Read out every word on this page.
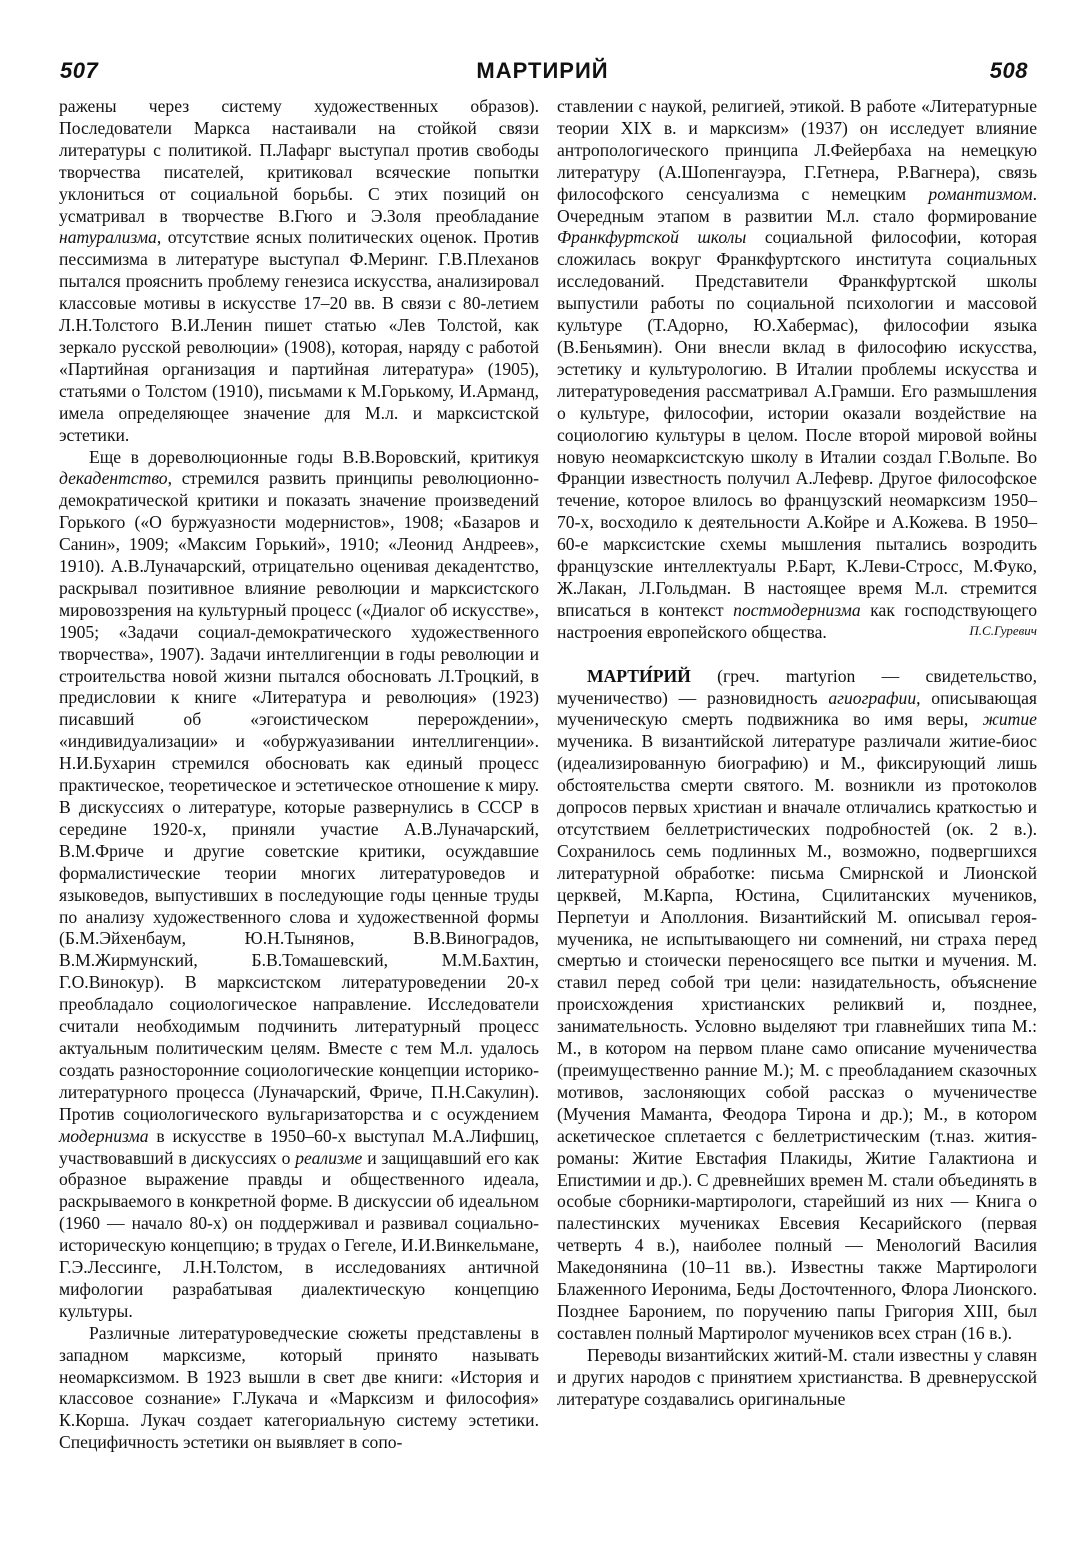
507	МАРТИРИЙ	508

ражены через систему художественных образов). Последователи Маркса настаивали на стойкой связи литературы с политикой. П.Лафарг выступал против свободы творчества писателей, критиковал всяческие попытки уклониться от социальной борьбы. С этих позиций он усматривал в творчестве В.Гюго и Э.Золя преобладание натурализма, отсутствие ясных политических оценок. Против пессимизма в литературе выступал Ф.Меринг. Г.В.Плеханов пытался прояснить проблему генезиса искусства, анализировал классовые мотивы в искусстве 17–20 вв. В связи с 80-летием Л.Н.Толстого В.И.Ленин пишет статью «Лев Толстой, как зеркало русской революции» (1908), которая, наряду с работой «Партийная организация и партийная литература» (1905), статьями о Толстом (1910), письмами к М.Горькому, И.Арманд, имела определяющее значение для М.л. и марксистской эстетики.

Еще в дореволюционные годы В.В.Воровский, критикуя декадентство, стремился развить принципы революционно-демократической критики и показать значение произведений Горького («О буржуазности модернистов», 1908; «Базаров и Санин», 1909; «Максим Горький», 1910; «Леонид Андреев», 1910). А.В.Луначарский, отрицательно оценивая декадентство, раскрывал позитивное влияние революции и марксистского мировоззрения на культурный процесс («Диалог об искусстве», 1905; «Задачи социал-демократического художественного творчества», 1907). Задачи интеллигенции в годы революции и строительства новой жизни пытался обосновать Л.Троцкий, в предисловии к книге «Литература и революция» (1923) писавший об «эгоистическом перерождении», «индивидуализации» и «обуржуазивании интеллигенции». Н.И.Бухарин стремился обосновать как единый процесс практическое, теоретическое и эстетическое отношение к миру. В дискуссиях о литературе, которые развернулись в СССР в середине 1920-х, приняли участие А.В.Луначарский, В.М.Фриче и другие советские критики, осуждавшие формалистические теории многих литературоведов и языковедов, выпустивших в последующие годы ценные труды по анализу художественного слова и художественной формы (Б.М.Эйхенбаум, Ю.Н.Тынянов, В.В.Виноградов, В.М.Жирмунский, Б.В.Томашевский, М.М.Бахтин, Г.О.Винокур). В марксистском литературоведении 20-х преобладало социологическое направление. Исследователи считали необходимым подчинить литературный процесс актуальным политическим целям. Вместе с тем М.л. удалось создать разносторонние социологические концепции историко-литературного процесса (Луначарский, Фриче, П.Н.Сакулин). Против социологического вульгаризаторства и с осуждением модернизма в искусстве в 1950–60-х выступал М.А.Лифшиц, участвовавший в дискуссиях о реализме и защищавший его как образное выражение правды и общественного идеала, раскрываемого в конкретной форме. В дискуссии об идеальном (1960 — начало 80-х) он поддерживал и развивал социально-историческую концепцию; в трудах о Гегеле, И.И.Винкельмане, Г.Э.Лессинге, Л.Н.Толстом, в исследованиях античной мифологии разрабатывая диалектическую концепцию культуры.

Различные литературоведческие сюжеты представлены в западном марксизме, который принято называть неомарксизмом. В 1923 вышли в свет две книги: «История и классовое сознание» Г.Лукача и «Марксизм и философия» К.Корша. Лукач создает категориальную систему эстетики. Специфичность эстетики он выявляет в сопо-

ставлении с наукой, религией, этикой. В работе «Литературные теории XIX в. и марксизм» (1937) он исследует влияние антропологического принципа Л.Фейербаха на немецкую литературу (А.Шопенгауэра, Г.Гетнера, Р.Вагнера), связь философского сенсуализма с немецким романтизмом. Очередным этапом в развитии М.л. стало формирование Франкфуртской школы социальной философии, которая сложилась вокруг Франкфуртского института социальных исследований. Представители Франкфуртской школы выпустили работы по социальной психологии и массовой культуре (Т.Адорно, Ю.Хабермас), философии языка (В.Беньямин). Они внесли вклад в философию искусства, эстетику и культурологию. В Италии проблемы искусства и литературоведения рассматривал А.Грамши. Его размышления о культуре, философии, истории оказали воздействие на социологию культуры в целом. После второй мировой войны новую неомарксистскую школу в Италии создал Г.Вольпе. Во Франции известность получил А.Лефевр. Другое философское течение, которое влилось во французский неомарксизм 1950–70-х, восходило к деятельности А.Койре и А.Кожева. В 1950–60-е марксистские схемы мышления пытались возродить французские интеллектуалы Р.Барт, К.Леви-Стросс, М.Фуко, Ж.Лакан, Л.Гольдман. В настоящее время М.л. стремится вписаться в контекст постмодернизма как господствующего настроения европейского общества.	П.С.Гуревич

МАРТИ́РИЙ (греч. martyrion — свидетельство, мученичество) — разновидность агиографии, описывающая мученическую смерть подвижника во имя веры, житие мученика. В византийской литературе различали житие-биос (идеализированную биографию) и М., фиксирующий лишь обстоятельства смерти святого. М. возникли из протоколов допросов первых христиан и вначале отличались краткостью и отсутствием беллетристических подробностей (ок. 2 в.). Сохранилось семь подлинных М., возможно, подвергшихся литературной обработке: письма Смирнской и Лионской церквей, М.Карпа, Юстина, Сцилитанских мучеников, Перпетуи и Аполлония. Византийский М. описывал героя-мученика, не испытывающего ни сомнений, ни страха перед смертью и стоически переносящего все пытки и мучения. М. ставил перед собой три цели: назидательность, объяснение происхождения христианских реликвий и, позднее, занимательность. Условно выделяют три главнейших типа М.: М., в котором на первом плане само описание мученичества (преимущественно ранние М.); М. с преобладанием сказочных мотивов, заслоняющих собой рассказ о мученичестве (Мучения Маманта, Феодора Тирона и др.); М., в котором аскетическое сплетается с беллетристическим (т.наз. жития-романы: Житие Евстафия Плакиды, Житие Галактиона и Епистимии и др.). С древнейших времен М. стали объединять в особые сборники-мартирологи, старейший из них — Книга о палестинских мучениках Евсевия Кесарийского (первая четверть 4 в.), наиболее полный — Менологий Василия Македонянина (10–11 вв.). Известны также Мартирологи Блаженного Иеронима, Беды Досточтенного, Флора Лионского. Позднее Баронием, по поручению папы Григория XIII, был составлен полный Мартиролог мучеников всех стран (16 в.).

Переводы византийских житий-М. стали известны у славян и других народов с принятием христианства. В древнерусской литературе создавались оригинальные
